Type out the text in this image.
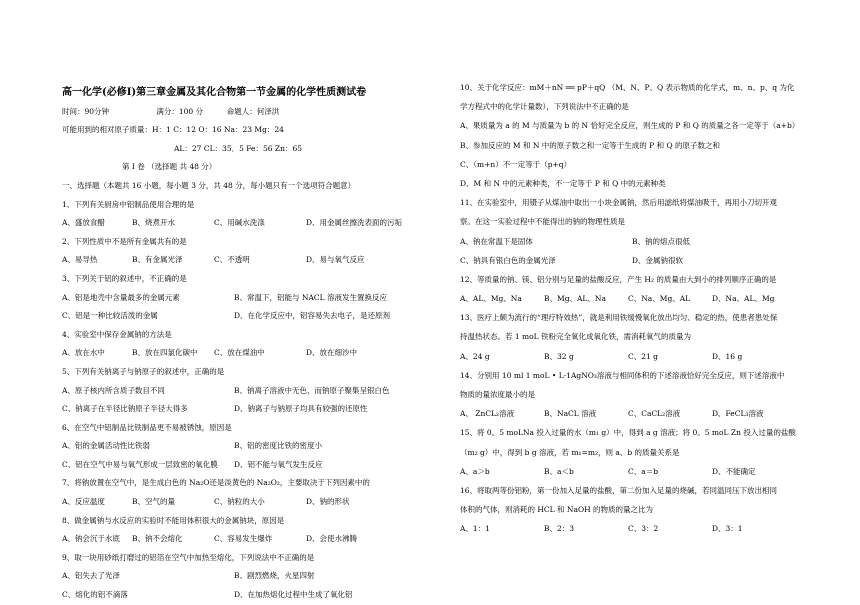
高一化学(必修I)第三章金属及其化合物第一节金属的化学性质测试卷
时间：90分钟	满分：100 分	命题人：何泽洪
可能用到的相对原子质量：H：1 C：12 O：16 Na：23 Mg：24
AL：27 CL：35．5 Fe：56 Zn：65
第 I 卷 （选择题 共 48 分）
一、选择题（本题共 16 小题，每小题 3 分，共 48 分，每小题只有一个选项符合题意）
1、下列有关厨房中铝制品使用合理的是
A、盛放食醋	B、烧煮开水	C、用碱水洗涤	D、用金属丝擦洗表面的污垢
2、下列性质中不是所有金属共有的是
A、易导热	B、有金属光泽	C、不透明	D、易与氧气反应
3、下列关于铝的叙述中，不正确的是
A、铝是地壳中含量最多的金属元素	B、常温下，铝能与 NACL 溶液发生置换反应
C、铝是一种比较活泼的金属	D、在化学反应中，铝容易失去电子，是还原剂
4、实验室中保存金属钠的方法是
A、放在水中	B、放在四氯化碳中 C、放在煤油中	D、放在细沙中
5、下列有关钠离子与钠原子的叙述中，正确的是
A、原子核内所含质子数目不同	B、钠离子溶液中无色，而钠原子聚集呈银白色
C、钠离子在半径比钠原子半径大得多	D、钠离子与钠原子均具有较强的还原性
6、在空气中铝制品比铁制品更不易被锈蚀，原因是
A、铝的金属活动性比铁弱	B、铝的密度比铁的密度小
C、铝在空气中易与氧气形成一层致密的氧化膜 D、铝不能与氧气发生反应
7、将钠放置在空气中，是生成白色的 Na₂O还是淡黄色的 Na₂O₂，主要取决于下列因素中的
A、反应温度	B、空气的量	C、钠粒的大小	D、钠的形状
8、做金属钠与水反应的实验时不能用体积很大的金属钠块，原因是
A、钠会沉于水底 B、钠不会熔化	C、容易发生爆炸	D、会使水沸腾
9、取一块用砂纸打磨过的铝箔在空气中加热至熔化，下列说法中不正确的是
A、铝失去了光泽	B、剧烈燃烧，火星四射
C、熔化的铝不滴落	D、在加热熔化过程中生成了氧化铝
10、关于化学反应：mM＋nN ══ pP＋qQ （M、N、P、Q 表示物质的化学式，m、n、p、q 为化
学方程式中的化学计量数），下列说法中不正确的是
A、果质量为 a 的 M 与质量为 b 的 N 恰好完全反应，则生成的 P 和 Q 的质量之各一定等于（a+b）
B、参加反应的 M 和 N 中的原子数之和一定等于生成的 P 和 Q 的原子数之和
C、（m+n）不一定等于（p+q）
D、M 和 N 中的元素种类，不一定等于 P 和 Q 中的元素种类
11、在实验室中，用镊子从煤油中取出一小块金属钠，然后用滤纸将煤油吸干，再用小刀切开观
察。在这一实验过程中不能得出的钠的物理性质是
A、钠在常温下是固体	B、钠的熔点很低
C、钠具有银白色的金属光泽	D、金属钠很软
12、等质量的钠、镁、铝分别与足量的盐酸反应，产生 H₂ 的质量由大到小的排列顺序正确的是
A、AL、Mg、Na	B、Mg、AL、Na	C、Na、Mg、AL	D、Na、AL、Mg
13、医疗上颇为流行的“理疗特效热”，就是利用铁缓慢氧化放出均匀、稳定的热，使患者患处保
持温热状态。若 1 moL 铁粉完全氧化成氧化铁，需消耗氧气的质量为
A、24 g	B、32 g	C、21 g	D、16 g
14、分别用 10 ml 1 moL • L-1AgNO₃溶液与相同体积的下述溶液恰好完全反应，则下述溶液中
物质的量浓度最小的是
A、 ZnCL₂溶液	B、NaCL 溶液	C、CaCL₂溶液	D、FeCL₃溶液
15、将 0。5 moLNa 投入过量的水（m₁ g）中，得到 a g 溶液；将 0。5 moL Zn 投入过量的盐酸
（m₂ g）中，得到 b g 溶液，若 m₁=m₂，则 a、b 的质量关系是
A、a＞b	B、a＜b	C、a＝b	D、不能确定
16、将取两等份铝粉，第一份加入足量的盐酸，第二份加入足量的烧碱，若同温同压下放出相同
体积的气体，则消耗的 HCL 和 NaOH 的物质的量之比为
A、1：1	B、2：3	C、3：2	D、3：1
